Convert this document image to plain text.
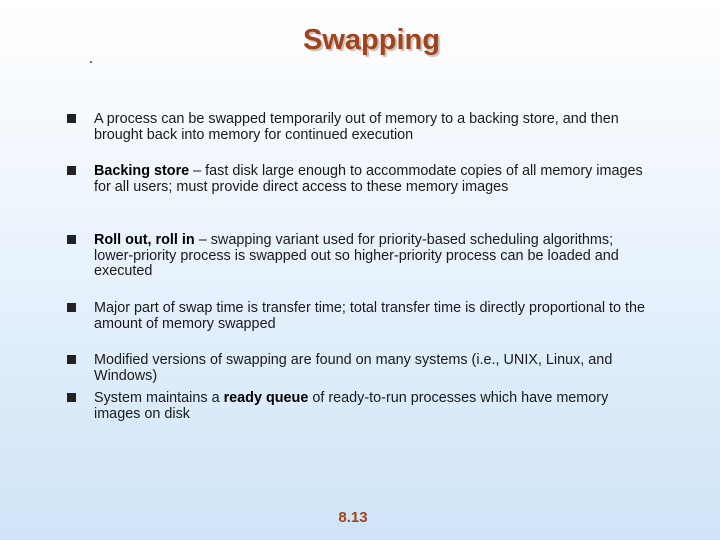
Swapping
A process can be swapped temporarily out of memory to a backing store, and then brought back into memory for continued execution
Backing store – fast disk large enough to accommodate copies of all memory images for all users; must provide direct access to these memory images
Roll out, roll in – swapping variant used for priority-based scheduling algorithms; lower-priority process is swapped out so higher-priority process can be loaded and executed
Major part of swap time is transfer time; total transfer time is directly proportional to the amount of memory swapped
Modified versions of swapping are found on many systems (i.e., UNIX, Linux, and Windows)
System maintains a ready queue of ready-to-run processes which have memory images on disk
8.13
